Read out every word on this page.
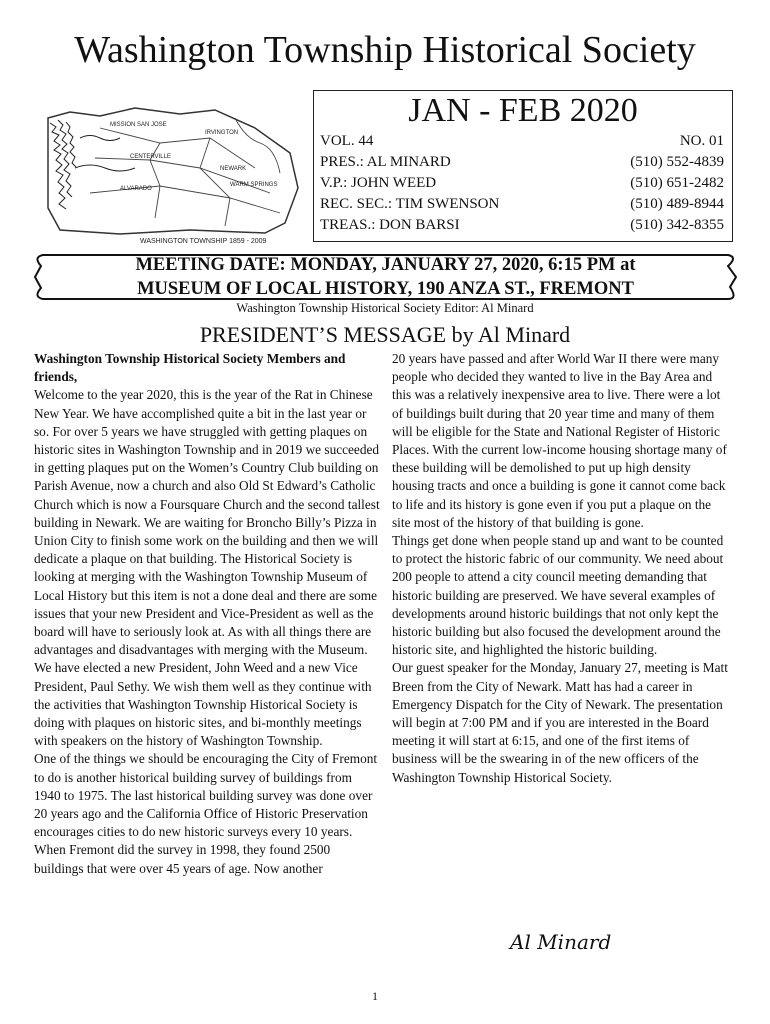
Washington Township Historical Society
MISSION SAN JOSE
IRVINGTON
CENTERVILLE
NEWARK
ALVARADO
WARM SPRINGS
WASHINGTON TOWNSHIP 1859 - 2009
JAN - FEB 2020
VOL. 44	NO. 01
PRES.: AL MINARD	(510) 552-4839
V.P.: JOHN WEED	(510) 651-2482
REC. SEC.: TIM SWENSON	(510) 489-8944
TREAS.: DON BARSI	(510) 342-8355
MEETING DATE: MONDAY, JANUARY 27, 2020, 6:15 PM at
MUSEUM OF LOCAL HISTORY, 190 ANZA ST., FREMONT
Washington Township Historical Society Editor: Al Minard
PRESIDENT’S MESSAGE by Al Minard

Washington Township Historical Society Members and friends,

Welcome to the year 2020, this is the year of the Rat in Chinese New Year. We have accomplished quite a bit in the last year or so. For over 5 years we have struggled with getting plaques on historic sites in Washington Township and in 2019 we succeeded in getting plaques put on the Women’s Country Club building on Parish Avenue, now a church and also Old St Edward’s Catholic Church which is now a Foursquare Church and the second tallest building in Newark. We are waiting for Broncho Billy’s Pizza in Union City to finish some work on the building and then we will dedicate a plaque on that building. The Historical Society is looking at merging with the Washington Township Museum of Local History but this item is not a done deal and there are some issues that your new President and Vice-President as well as the board will have to seriously look at. As with all things there are advantages and disadvantages with merging with the Museum.

We have elected a new President, John Weed and a new Vice President, Paul Sethy. We wish them well as they continue with the activities that Washington Township Historical Society is doing with plaques on historic sites, and bi-monthly meetings with speakers on the history of Washington Township.

One of the things we should be encouraging the City of Fremont to do is another historical building survey of buildings from 1940 to 1975. The last historical building survey was done over 20 years ago and the California Office of Historic Preservation encourages cities to do new historic surveys every 10 years. When Fremont did the survey in 1998, they found 2500 buildings that were over 45 years of age. Now another

20 years have passed and after World War II there were many people who decided they wanted to live in the Bay Area and this was a relatively inexpensive area to live. There were a lot of buildings built during that 20 year time and many of them will be eligible for the State and National Register of Historic Places. With the current low-income housing shortage many of these building will be demolished to put up high density housing tracts and once a building is gone it cannot come back to life and its history is gone even if you put a plaque on the site most of the history of that building is gone.

Things get done when people stand up and want to be counted to protect the historic fabric of our community. We need about 200 people to attend a city council meeting demanding that historic building are preserved. We have several examples of developments around historic buildings that not only kept the historic building but also focused the development around the historic site, and highlighted the historic building.

Our guest speaker for the Monday, January 27, meeting is Matt Breen from the City of Newark. Matt has had a career in Emergency Dispatch for the City of Newark. The presentation will begin at 7:00 PM and if you are interested in the Board meeting it will start at 6:15, and one of the first items of business will be the swearing in of the new officers of the Washington Township Historical Society.

Al Minard
1
